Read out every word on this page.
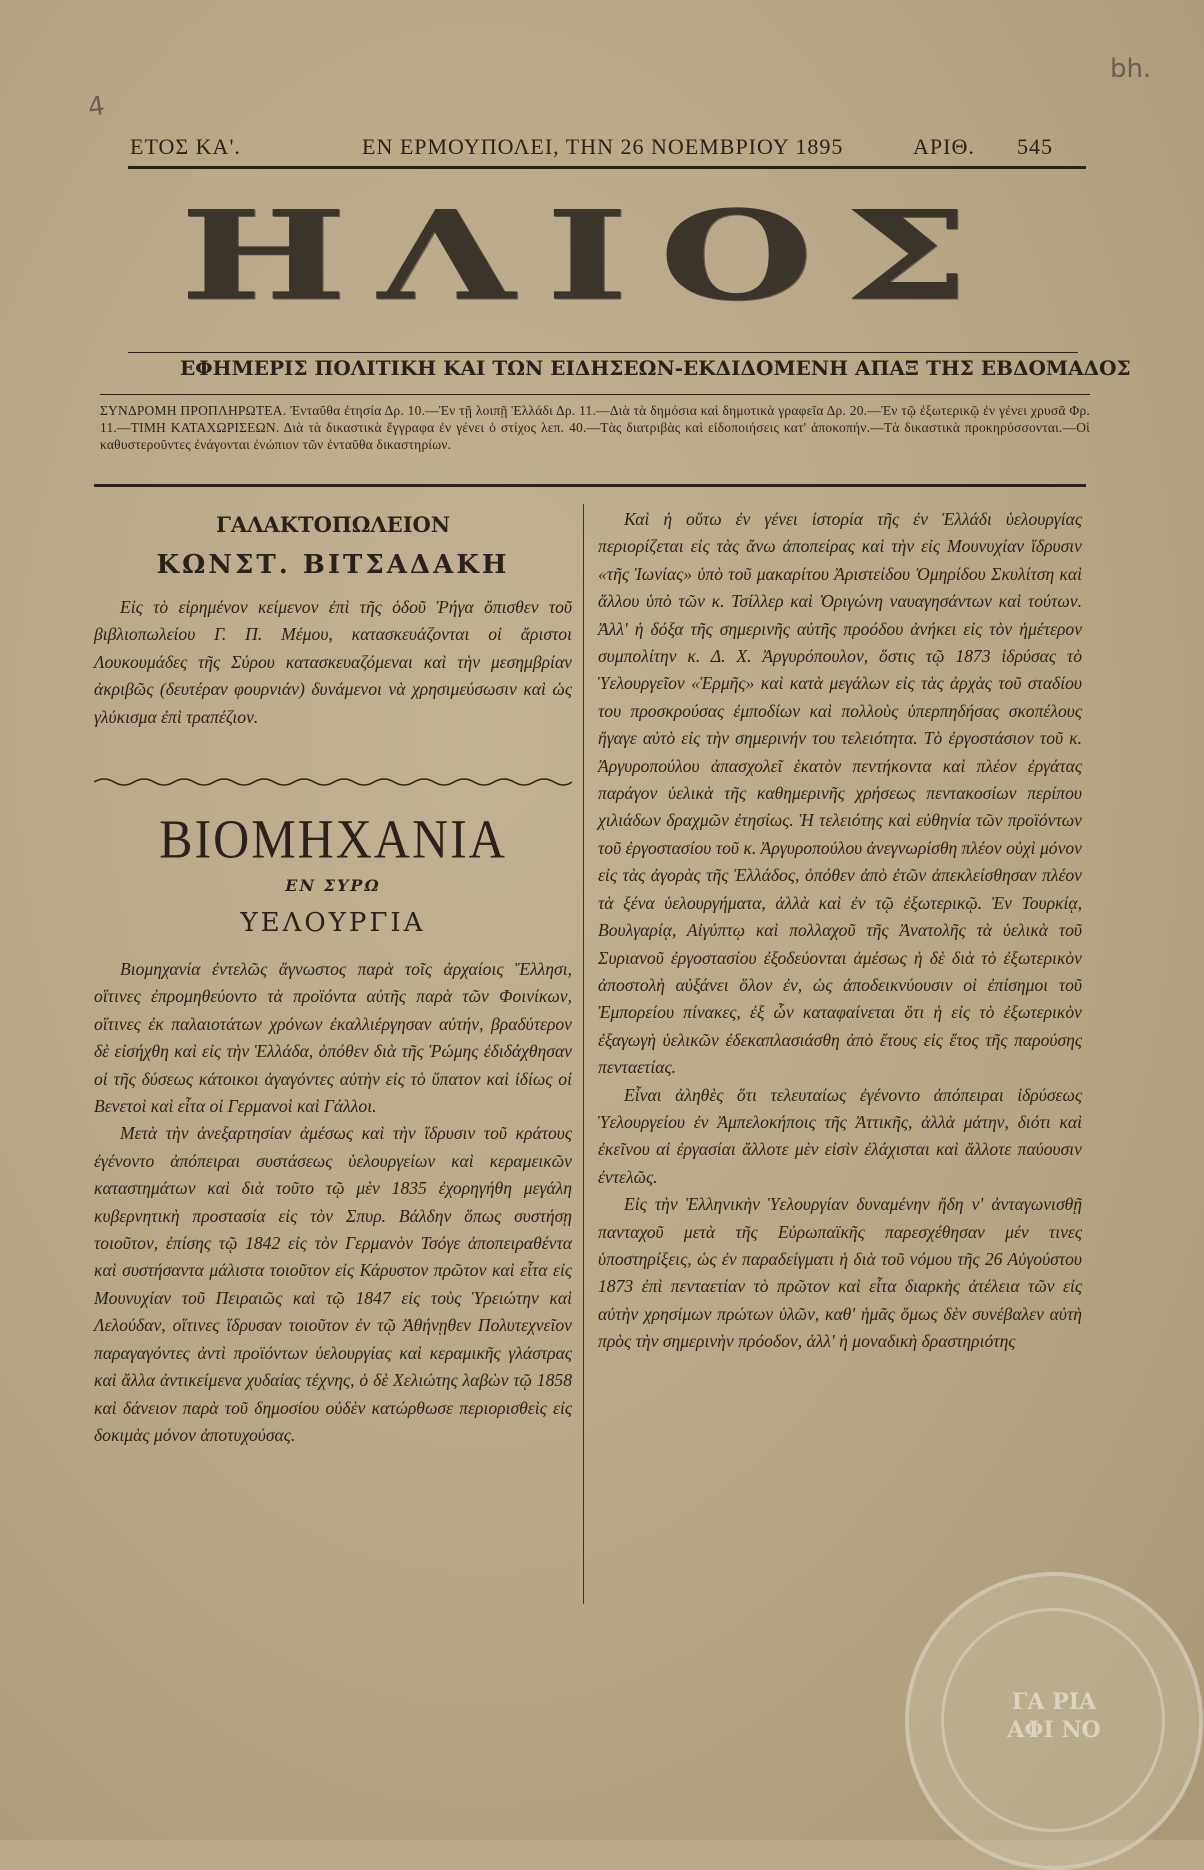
4
bh.
ΕΤΟΣ ΚΑ'.	ΕΝ ΕΡΜΟΥΠΟΛΕΙ, ΤΗΝ 26 ΝΟΕΜΒΡΙΟΥ 1895	ΑΡΙΘ. 545
ΗΛΙΟΣ
ΕΦΗΜΕΡΙΣ ΠΟΛΙΤΙΚΗ ΚΑΙ ΤΩΝ ΕΙΔΗΣΕΩΝ-ΕΚΔΙΔΟΜΕΝΗ ΑΠΑΞ ΤΗΣ ΕΒΔΟΜΑΔΟΣ
ΣΥΝΔΡΟΜΗ ΠΡΟΠΛΗΡΩΤΕΑ. Ἐνταῦθα ἐτησία Δρ. 10.—Ἐν τῇ λοιπῇ Ἑλλάδι Δρ. 11.—Διὰ τὰ δημόσια καὶ δημοτικὰ γραφεῖα Δρ. 20.—Ἐν τῷ ἐξωτερικῷ ἐν γένει χρυσᾶ Φρ. 11.—ΤΙΜΗ ΚΑΤΑΧΩΡΙΣΕΩΝ. Διὰ τὰ δικαστικὰ ἔγγραφα ἐν γένει ὁ στίχος λεπ. 40.—Τὰς διατριβὰς καὶ εἰδοποιήσεις κατ' ἀποκοπήν.—Τὰ δικαστικὰ προκηρύσσονται.—Οἱ καθυστεροῦντες ἐνάγονται ἐνώπιον τῶν ἐνταῦθα δικαστηρίων.
ΓΑΛΑΚΤΟΠΩΛΕΙΟΝ
ΚΩΝΣΤ. ΒΙΤΣΑΔΑΚΗ

Εἰς τὸ εἰρημένον κείμενον ἐπὶ τῆς ὁδοῦ Ῥήγα ὄπισθεν τοῦ βιβλιοπωλείου Γ. Π. Μέμου, κατασκευάζονται οἱ ἄριστοι Λουκουμάδες τῆς Σύρου κατασκευαζόμεναι καὶ τὴν μεσημβρίαν ἀκριβῶς (δευτέραν φουρνιάν) δυνάμενοι νὰ χρησιμεύσωσιν καὶ ὡς γλύκισμα ἐπὶ τραπέζιον.

ΒΙΟΜΗΧΑΝΙΑ
ΕΝ ΣΥΡΩ
ΥΕΛΟΥΡΓΙΑ

Βιομηχανία ἐντελῶς ἄγνωστος παρὰ τοῖς ἀρχαίοις Ἕλλησι, οἵτινες ἐπρομηθεύοντο τὰ προϊόντα αὐτῆς παρὰ τῶν Φοινίκων, οἵτινες ἐκ παλαιοτάτων χρόνων ἐκαλλιέργησαν αὐτήν, βραδύτερον δὲ εἰσήχθη καὶ εἰς τὴν Ἑλλάδα, ὁπόθεν διὰ τῆς Ῥώμης ἐδιδάχθησαν οἱ τῆς δύσεως κάτοικοι ἀγαγόντες αὐτὴν εἰς τὸ ὕπατον καὶ ἰδίως οἱ Βενετοὶ καὶ εἶτα οἱ Γερμανοὶ καὶ Γάλλοι.

Μετὰ τὴν ἀνεξαρτησίαν ἀμέσως καὶ τὴν ἵδρυσιν τοῦ κράτους ἐγένοντο ἀπόπειραι συστάσεως ὑελουργείων καὶ κεραμεικῶν καταστημάτων καὶ διὰ τοῦτο τῷ μὲν 1835 ἐχορηγήθη μεγάλη κυβερνητικὴ προστασία εἰς τὸν Σπυρ. Βάλδην ὅπως συστήσῃ τοιοῦτον, ἐπίσης τῷ 1842 εἰς τὸν Γερμανὸν Τσόγε ἀποπειραθέντα καὶ συστήσαντα μάλιστα τοιοῦτον εἰς Κάρυστον πρῶτον καὶ εἶτα εἰς Μουνυχίαν τοῦ Πειραιῶς καὶ τῷ 1847 εἰς τοὺς Ὑρειώτην καὶ Λελούδαν, οἵτινες ἵδρυσαν τοιοῦτον ἐν τῷ Ἀθήνῃθεν Πολυτεχνεῖον παραγαγόντες ἀντὶ προϊόντων ὑελουργίας καὶ κεραμικῆς γλάστρας καὶ ἄλλα ἀντικείμενα χυδαίας τέχνης, ὁ δὲ Χελιώτης λαβὼν τῷ 1858 καὶ δάνειον παρὰ τοῦ δημοσίου οὐδὲν κατώρθωσε περιορισθεὶς εἰς δοκιμὰς μόνον ἀποτυχούσας.

Καὶ ἡ οὕτω ἐν γένει ἱστορία τῆς ἐν Ἑλλάδι ὑελουργίας περιορίζεται εἰς τὰς ἄνω ἀποπείρας καὶ τὴν εἰς Μουνυχίαν ἵδρυσιν «τῆς Ἰωνίας» ὑπὸ τοῦ μακαρίτου Ἀριστείδου Ὁμηρίδου Σκυλίτση καὶ ἄλλου ὑπὸ τῶν κ. Τσίλλερ καὶ Ὀριγώνη ναυαγησάντων καὶ τούτων. Ἀλλ' ἡ δόξα τῆς σημερινῆς αὐτῆς προόδου ἀνήκει εἰς τὸν ἡμέτερον συμπολίτην κ. Δ. Χ. Ἀργυρόπουλον, ὅστις τῷ 1873 ἱδρύσας τὸ Ὑελουργεῖον «Ἑρμῆς» καὶ κατὰ μεγάλων εἰς τὰς ἀρχὰς τοῦ σταδίου του προσκρούσας ἐμποδίων καὶ πολλοὺς ὑπερπηδήσας σκοπέλους ἤγαγε αὐτὸ εἰς τὴν σημερινήν του τελειότητα. Τὸ ἐργοστάσιον τοῦ κ. Ἀργυροπούλου ἀπασχολεῖ ἑκατὸν πεντήκοντα καὶ πλέον ἐργάτας παράγον ὑελικὰ τῆς καθημερινῆς χρήσεως πεντακοσίων περίπου χιλιάδων δραχμῶν ἐτησίως. Ἡ τελειότης καὶ εὐθηνία τῶν προϊόντων τοῦ ἐργοστασίου τοῦ κ. Ἀργυροπούλου ἀνεγνωρίσθη πλέον οὐχὶ μόνον εἰς τὰς ἀγορὰς τῆς Ἑλλάδος, ὁπόθεν ἀπὸ ἐτῶν ἀπεκλείσθησαν πλέον τὰ ξένα ὑελουργήματα, ἀλλὰ καὶ ἐν τῷ ἐξωτερικῷ. Ἐν Τουρκίᾳ, Βουλγαρίᾳ, Αἰγύπτῳ καὶ πολλαχοῦ τῆς Ἀνατολῆς τὰ ὑελικὰ τοῦ Συριανοῦ ἐργοστασίου ἐξοδεύονται ἀμέσως ἡ δὲ διὰ τὸ ἐξωτερικὸν ἀποστολὴ αὐξάνει ὅλον ἐν, ὡς ἀποδεικνύουσιν οἱ ἐπίσημοι τοῦ Ἐμπορείου πίνακες, ἐξ ὧν καταφαίνεται ὅτι ἡ εἰς τὸ ἐξωτερικὸν ἐξαγωγὴ ὑελικῶν ἐδεκαπλασιάσθη ἀπὸ ἔτους εἰς ἔτος τῆς παρούσης πενταετίας.

Εἶναι ἀληθὲς ὅτι τελευταίως ἐγένοντο ἀπόπειραι ἱδρύσεως Ὑελουργείου ἐν Ἀμπελοκήποις τῆς Ἀττικῆς, ἀλλὰ μάτην, διότι καὶ ἐκεῖνου αἱ ἐργασίαι ἄλλοτε μὲν εἰσὶν ἐλάχισται καὶ ἄλλοτε παύουσιν ἐντελῶς.

Εἰς τὴν Ἑλληνικὴν Ὑελουργίαν δυναμένην ἤδη ν' ἀνταγωνισθῇ πανταχοῦ μετὰ τῆς Εὐρωπαϊκῆς παρεσχέθησαν μέν τινες ὑποστηρίξεις, ὡς ἐν παραδείγματι ἡ διὰ τοῦ νόμου τῆς 26 Αὐγούστου 1873 ἐπὶ πενταετίαν τὸ πρῶτον καὶ εἶτα διαρκὴς ἀτέλεια τῶν εἰς αὐτὴν χρησίμων πρώτων ὑλῶν, καθ' ἡμᾶς ὅμως δὲν συνέβαλεν αὐτὴ πρὸς τὴν σημερινὴν πρόοδον, ἀλλ' ἡ μοναδικὴ δραστηριότης

ΓΑ ΡΙΑ ΑΦΙ ΝΟ
